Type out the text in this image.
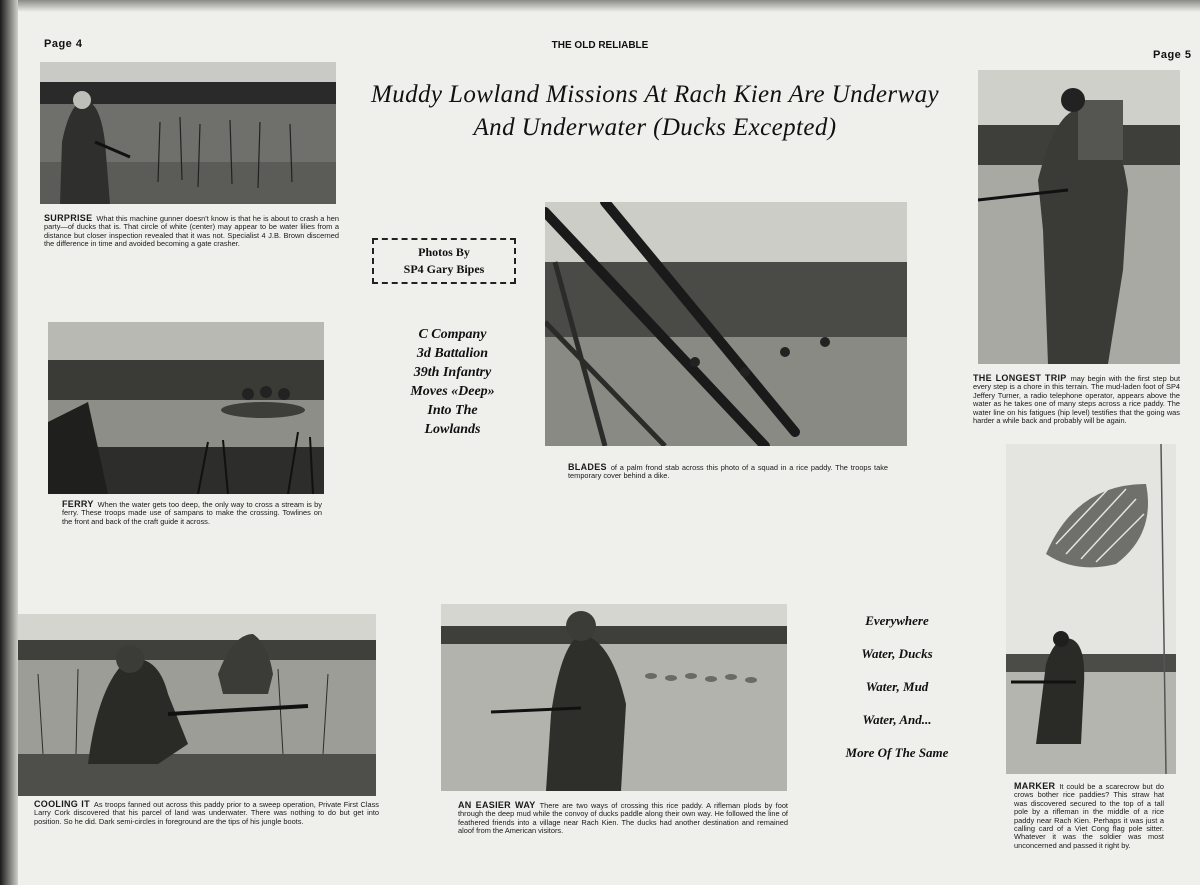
Page 4	THE OLD RELIABLE
Page 5
Muddy Lowland Missions At Rach Kien Are Underway
And Underwater (Ducks Excepted)
Photos By
SP4 Gary Bipes
C Company
3d Battalion
39th Infantry
Moves «Deep»
Into The
Lowlands
Everywhere
Water, Ducks
Water, Mud
Water, And...
More Of The Same
SURPRISE What this machine gunner doesn't know is that he is about to crash a hen party—of ducks that is. That circle of white (center) may appear to be water lilies from a distance but closer inspection revealed that it was not. Specialist 4 J.B. Brown discerned the difference in time and avoided becoming a gate crasher.
FERRY When the water gets too deep, the only way to cross a stream is by ferry. These troops made use of sampans to make the crossing. Towlines on the front and back of the craft guide it across.
BLADES of a palm frond stab across this photo of a squad in a rice paddy. The troops take temporary cover behind a dike.
THE LONGEST TRIP may begin with the first step but every step is a chore in this terrain. The mud-laden foot of SP4 Jeffery Turner, a radio telephone operator, appears above the water as he takes one of many steps across a rice paddy. The water line on his fatigues (hip level) testifies that the going was harder a while back and probably will be again.
MARKER It could be a scarecrow but do crows bother rice paddies? This straw hat was discovered secured to the top of a tall pole by a rifleman in the middle of a rice paddy near Rach Kien. Perhaps it was just a calling card of a Viet Cong flag pole sitter. Whatever it was the soldier was most unconcerned and passed it right by.
COOLING IT As troops fanned out across this paddy prior to a sweep operation, Private First Class Larry Cork discovered that his parcel of land was underwater. There was nothing to do but get into position. So he did. Dark semi-circles in foreground are the tips of his jungle boots.
AN EASIER WAY There are two ways of crossing this rice paddy. A rifleman plods by foot through the deep mud while the convoy of ducks paddle along their own way. He followed the line of feathered friends into a village near Rach Kien. The ducks had another destination and remained aloof from the American visitors.
